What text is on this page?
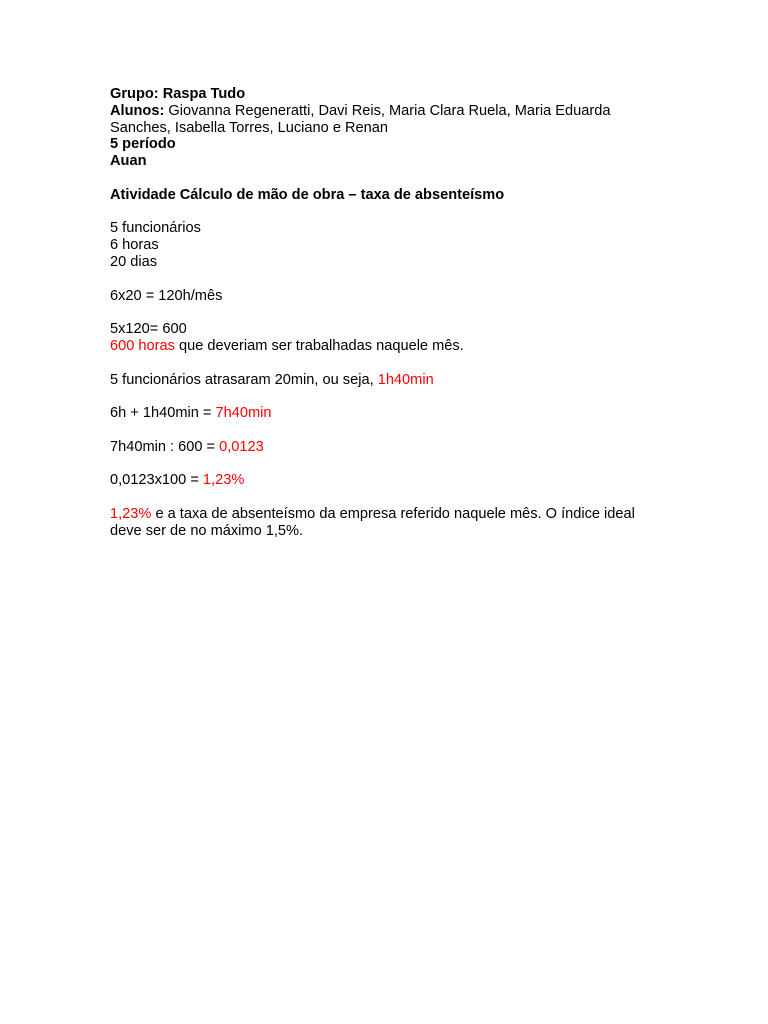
Grupo: Raspa Tudo
Alunos: Giovanna Regeneratti, Davi Reis, Maria Clara Ruela, Maria Eduarda Sanches, Isabella Torres, Luciano e Renan
5 período
Auan
Atividade Cálculo de mão de obra – taxa de absenteísmo
5 funcionários
6 horas
20 dias
6x20 = 120h/mês
5x120= 600
600 horas que deveriam ser trabalhadas naquele mês.
5 funcionários atrasaram 20min, ou seja, 1h40min
6h + 1h40min = 7h40min
7h40min : 600 = 0,0123
0,0123x100 = 1,23%
1,23% e a taxa de absenteísmo da empresa referido naquele mês. O índice ideal deve ser de no máximo 1,5%.
